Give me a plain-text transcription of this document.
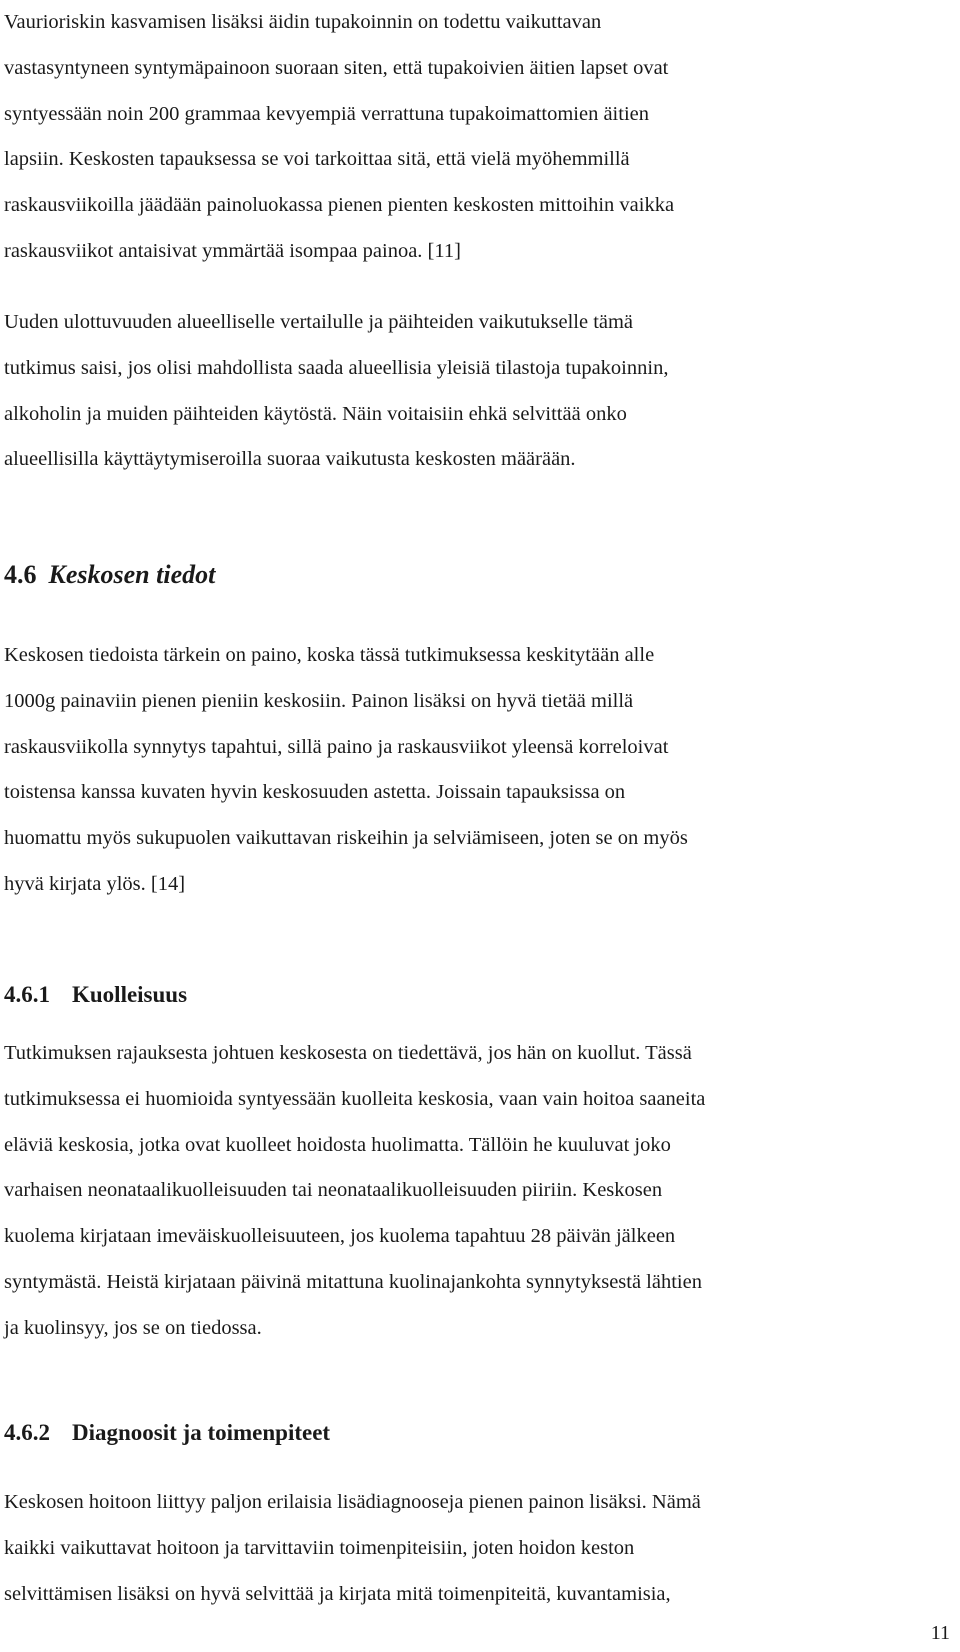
Vaurioriskin kasvamisen lisäksi äidin tupakoinnin on todettu vaikuttavan
vastasyntyneen syntymäpainoon suoraan siten, että tupakoivien äitien lapset ovat
syntyessään noin 200 grammaa kevyempiä verrattuna tupakoimattomien äitien
lapsiin. Keskosten tapauksessa se voi tarkoittaa sitä, että vielä myöhemmillä
raskausviikoilla jäädään painoluokassa pienen pienten keskosten mittoihin vaikka
raskausviikot antaisivat ymmärtää isompaa painoa. [11]

Uuden ulottuvuuden alueelliselle vertailulle ja päihteiden vaikutukselle tämä
tutkimus saisi, jos olisi mahdollista saada alueellisia yleisiä tilastoja tupakoinnin,
alkoholin ja muiden päihteiden käytöstä. Näin voitaisiin ehkä selvittää onko
alueellisilla käyttäytymiseroilla suoraa vaikutusta keskosten määrään.

4.6 Keskosen tiedot

Keskosen tiedoista tärkein on paino, koska tässä tutkimuksessa keskitytään alle
1000g painaviin pienen pieniin keskosiin. Painon lisäksi on hyvä tietää millä
raskausviikolla synnytys tapahtui, sillä paino ja raskausviikot yleensä korreloivat
toistensa kanssa kuvaten hyvin keskosuuden astetta. Joissain tapauksissa on
huomattu myös sukupuolen vaikuttavan riskeihin ja selviämiseen, joten se on myös
hyvä kirjata ylös. [14]

4.6.1 Kuolleisuus

Tutkimuksen rajauksesta johtuen keskosesta on tiedettävä, jos hän on kuollut. Tässä
tutkimuksessa ei huomioida syntyessään kuolleita keskosia, vaan vain hoitoa saaneita
eläviä keskosia, jotka ovat kuolleet hoidosta huolimatta. Tällöin he kuuluvat joko
varhaisen neonataalikuolleisuuden tai neonataalikuolleisuuden piiriin. Keskosen
kuolema kirjataan imeväiskuolleisuuteen, jos kuolema tapahtuu 28 päivän jälkeen
syntymästä. Heistä kirjataan päivinä mitattuna kuolinajankohta synnytyksestä lähtien
ja kuolinsyy, jos se on tiedossa.

4.6.2 Diagnoosit ja toimenpiteet

Keskosen hoitoon liittyy paljon erilaisia lisädiagnooseja pienen painon lisäksi. Nämä
kaikki vaikuttavat hoitoon ja tarvittaviin toimenpiteisiin, joten hoidon keston
selvittämisen lisäksi on hyvä selvittää ja kirjata mitä toimenpiteitä, kuvantamisia,

11
